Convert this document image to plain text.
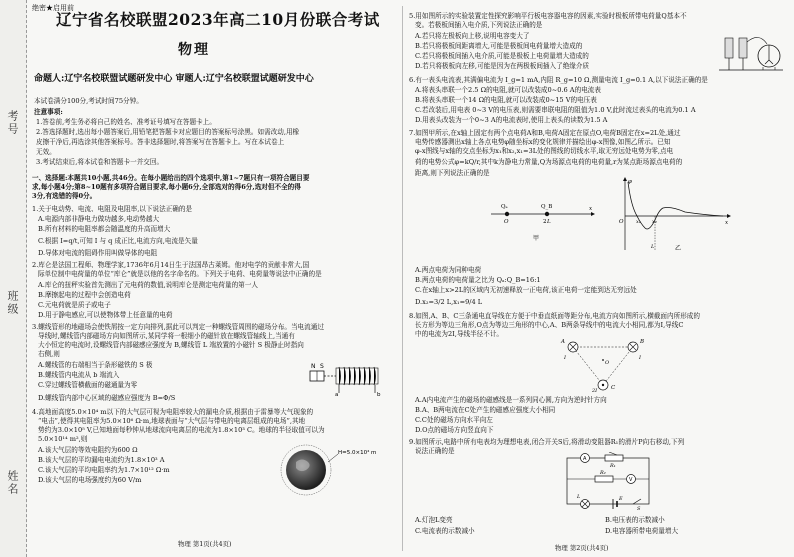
考号
班级
姓名
绝密★启用前
辽宁省名校联盟2023年高二10月份联合考试
物理
命题人:辽宁名校联盟试题研发中心 审题人:辽宁名校联盟试题研发中心
本试卷满分100分,考试时间75分钟。
注意事项:
1.答卷前,考生务必将自己的姓名、准考证号填写在答题卡上。
2.答选择题时,选出每小题答案后,用铅笔把答题卡对应题目的答案标号涂黑。如需改动,用橡
皮擦干净后,再选涂其他答案标号。答非选择题时,将答案写在答题卡上。写在本试卷上
无效。
3.考试结束后,将本试卷和答题卡一并交回。
一、选择题:本题共10小题,共46分。在每小题给出的四个选项中,第1~7题只有一项符合题目要
求,每小题4分;第8~10题有多项符合题目要求,每小题6分,全部选对的得6分,选对但不全的得
3分,有选错的得0分。
1.关于电动势、电流、电阻及电阻率,以下说法正确的是
A.电源内部非静电力做功越多,电动势越大
B.所有材料的电阻率都会随温度的升高而增大
C.根据 I=q/t,可知 I 与 q 成正比,电流方向,电流是矢量
D.导体对电流的阻碍作用叫做导体的电阻
2.库仑是法国工程师、物理学家,1736年6月14日生于法国昂古莱姆。他对电学的贡献非常大,国
际单位制中电荷量的单位“库仑”就是以他的名字命名的。下列关于电荷、电荷量等说法中正确的是
A.库仑的扭秤实验首先测出了元电荷的数值,说明库仑是测定电荷量的第一人
B.摩擦起电的过程中会创造电荷
C.元电荷就是质子或电子
D.用于静电感应,可以使物体带上任意量的电荷
3.螺线管形的地磁场会使铁屑按一定方向排列,据此可以判定一种螺线管周围的磁场分布。当电流通过
导线时,螺线管内部磁场方向如图所示,某同学将一根细小的磁针放在螺线管轴线上,当通有
大小恒定的电流时,设螺线管内部磁感应强度为 B,螺线管 L 端放置的小磁针 S 极静止时指向
右侧,则
A.螺线管的右端相当于条形磁铁的 S 极
B.螺线管内电流从 b 端流入
C.穿过螺线管横截面的磁通量为零
D.螺线管内部中心区域的磁感应强度为 B=Φ/S
N S
a	b
4.高地面高度5.0×10⁴ m以下的大气层可视为电阻率较大的漏电介质,根据由于雷暴等大气现象的
“电击”,使得其电阻率为5.0×10⁶ Ω·m,地球表面与“大气层与带电的电离层组成的电场”,其地
势约为3.0×10⁵ V,已知地面每秒钟从地球流向电离层的电流为1.8×10³ C。地球的半径取值可以为
5.0×10¹⁴ m²,则
A.该大气层的等效电阻约为600 Ω
B.该大气层的平均漏电电流约为1.8×10³ A
C.该大气层的平均电阻率约为1.7×10¹² Ω·m
D.该大气层的电场强度约为60 V/m
H=5.0×10⁴ m
物理 第1页(共4页)
5.用如图所示的实验装置定性探究影响平行板电容器电容的因素,实验时极板所带电荷量Q基本不
变。若极板间插入电介质,下列说法正确的是
A.若只将左极板向上移,说明电容变大了
B.若只将极板间距离增大,可能是极板间电荷量增大造成的
C.若只将极板间插入电介质,可能是极板上电荷量增大造成的
D.若只将极板向左移,可能是因为在两极板间插入了绝缘介质
6.有一表头电流表,其满偏电流为 I_g=1 mA,内阻 R_g=10 Ω,测量电流 I_g=0.1 A,以下说法正确的是
A.将表头串联一个2.5 Ω的电阻,就可以改装成0~0.6 A的电流表
B.将表头串联一个14 Ω的电阻,就可以改装成0~15 V的电压表
C.若改装后,用电表 0~3 V的电压表,则需要串联电阻的阻值为1.0 V,此时流过表头的电流为0.1 A
D.用表头改装为一个0~3 A的电流表时,使用上表头的读数为1.5 A
7.如图甲所示,在x轴上固定有两个点电荷A和B,电荷A固定在原点O,电荷B固定在x=2L处,通过
电势传感器测出x轴上各点电势φ随坐标x的变化规律并描绘出φ-x图像,如图乙所示。已知
φ-x图线与x轴的交点坐标为x₁和x₂,x₁=3L处的图线的切线水平,取无穷远处电势为零,点电
荷的电势公式φ=kQ/r,其中k为静电力常量,Q为场源点电荷的电荷量,r为某点距场源点电荷的
距离,则下列说法正确的是
x
Qₐ	Q_B
O	2 L
甲
φ
x
O x₁ x₂
L	乙
A.两点电荷为同种电荷
B.两点电荷的电荷量之比为 Qₐ:Q_B=16:1
C.在x轴上x>2L的区域内无初速释放一正电荷,该正电荷一定能到达无穷远处
D.x₂=3/2 L,x₁=9/4 L
8.如图,A、B、C三条通电直导线在方便于中垂直纸面等距分布,电流方向如图所示,横截面内所形成的
长方形为等边三角形,O点为等边三角形的中心,A、B两条导线中的电流大小相同,都为I,导线C
中的电流为2I,导线半径不计。
A	B
C
O
I	I
2I
A.A内电流产生的磁场的磁感线是一系列同心圆,方向为逆时针方向
B.A、B两电流在C处产生的磁感应强度大小相同
C.C处的磁场方向水平向左
D.O点的磁场方向竖直向下
9.如图所示,电路中所有电表均为理想电表,闭合开关S后,将滑动变阻器R₁的滑片P向右移动,下列
说法正确的是
A
R₁
R₂
V
L	E
S
A.灯泡L变亮	B.电压表的示数减小
C.电流表的示数减小	D.电容器所带电荷量增大
物理 第2页(共4页)
